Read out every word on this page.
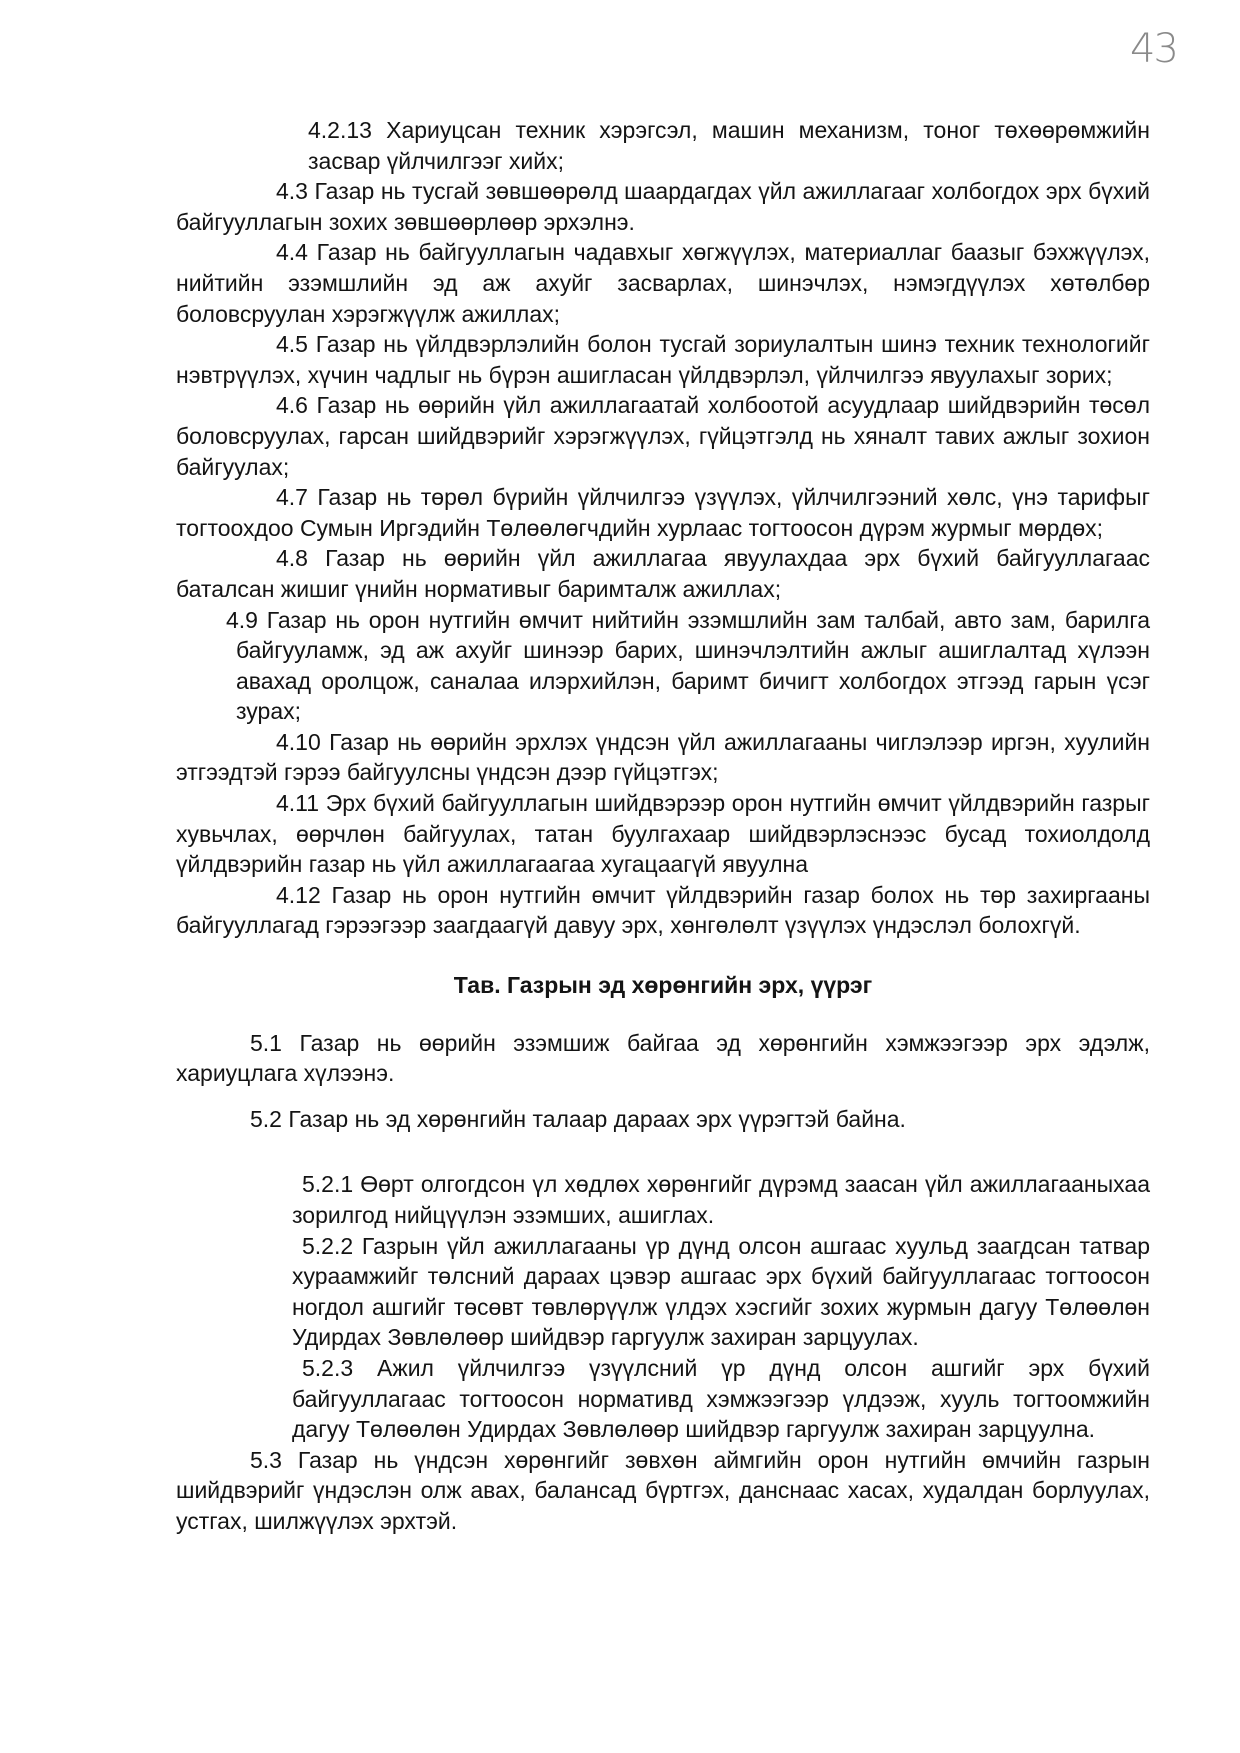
43

4.2.13 Хариуцсан техник хэрэгсэл, машин механизм, тоног төхөөрөмжийн засвар үйлчилгээг хийх;

4.3 Газар нь тусгай зөвшөөрөлд шаардагдах үйл ажиллагааг холбогдох эрх бүхий байгууллагын зохих зөвшөөрлөөр эрхэлнэ.

4.4 Газар нь байгууллагын чадавхыг хөгжүүлэх, материаллаг баазыг бэхжүүлэх, нийтийн эзэмшлийн эд аж ахуйг засварлах, шинэчлэх, нэмэгдүүлэх хөтөлбөр боловсруулан хэрэгжүүлж ажиллах;

4.5 Газар нь үйлдвэрлэлийн болон тусгай зориулалтын шинэ техник технологийг нэвтрүүлэх, хүчин чадлыг нь бүрэн ашигласан үйлдвэрлэл, үйлчилгээ явуулахыг зорих;

4.6 Газар нь өөрийн үйл ажиллагаатай холбоотой асуудлаар шийдвэрийн төсөл боловсруулах, гарсан шийдвэрийг хэрэгжүүлэх, гүйцэтгэлд нь хяналт тавих ажлыг зохион байгуулах;

4.7 Газар нь төрөл бүрийн үйлчилгээ үзүүлэх, үйлчилгээний хөлс, үнэ тарифыг тогтоохдоо Сумын Иргэдийн Төлөөлөгчдийн хурлаас тогтоосон дүрэм журмыг мөрдөх;

4.8 Газар нь өөрийн үйл ажиллагаа явуулахдаа эрх бүхий байгууллагаас баталсан жишиг үнийн нормативыг баримталж ажиллах;

4.9 Газар нь орон нутгийн өмчит нийтийн эзэмшлийн зам талбай, авто зам, барилга байгууламж, эд аж ахуйг шинээр барих, шинэчлэлтийн ажлыг ашиглалтад хүлээн авахад оролцож, саналаа илэрхийлэн, баримт бичигт холбогдох этгээд гарын үсэг зурах;

4.10 Газар нь өөрийн эрхлэх үндсэн үйл ажиллагааны чиглэлээр иргэн, хуулийн этгээдтэй гэрээ байгуулсны үндсэн дээр гүйцэтгэх;

4.11 Эрх бүхий байгууллагын шийдвэрээр орон нутгийн өмчит үйлдвэрийн газрыг хувьчлах, өөрчлөн байгуулах, татан буулгахаар шийдвэрлэснээс бусад тохиолдолд үйлдвэрийн газар нь үйл ажиллагаагаа хугацаагүй явуулна

4.12 Газар нь орон нутгийн өмчит үйлдвэрийн газар болох нь төр захиргааны байгууллагад гэрээгээр заагдаагүй давуу эрх, хөнгөлөлт үзүүлэх үндэслэл болохгүй.

Тав. Газрын эд хөрөнгийн эрх, үүрэг

5.1 Газар нь өөрийн эзэмшиж байгаа эд хөрөнгийн хэмжээгээр эрх эдэлж, хариуцлага хүлээнэ.

5.2 Газар нь эд хөрөнгийн талаар дараах эрх үүрэгтэй байна.

5.2.1 Өөрт олгогдсон үл хөдлөх хөрөнгийг дүрэмд заасан үйл ажиллагааныхаа зорилгод нийцүүлэн эзэмших, ашиглах.

5.2.2 Газрын үйл ажиллагааны үр дүнд олсон ашгаас хуульд заагдсан татвар хураамжийг төлсний дараах цэвэр ашгаас эрх бүхий байгууллагаас тогтоосон ногдол ашгийг төсөвт төвлөрүүлж үлдэх хэсгийг зохих журмын дагуу Төлөөлөн Удирдах Зөвлөлөөр шийдвэр гаргуулж захиран зарцуулах.

5.2.3 Ажил үйлчилгээ үзүүлсний үр дүнд олсон ашгийг эрх бүхий байгууллагаас тогтоосон нормативд хэмжээгээр үлдээж, хууль тогтоомжийн дагуу Төлөөлөн Удирдах Зөвлөлөөр шийдвэр гаргуулж захиран зарцуулна.

5.3 Газар нь үндсэн хөрөнгийг зөвхөн аймгийн орон нутгийн өмчийн газрын шийдвэрийг үндэслэн олж авах, балансад бүртгэх, данснаас хасах, худалдан борлуулах, устгах, шилжүүлэх эрхтэй.
